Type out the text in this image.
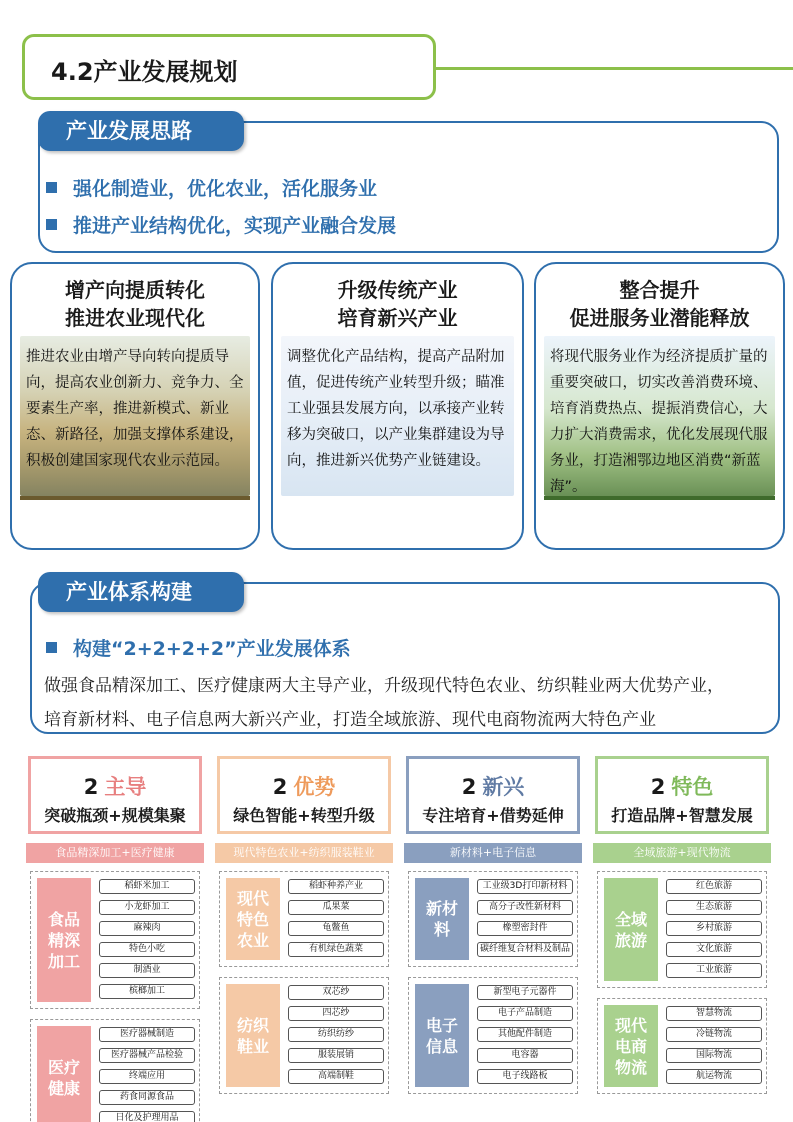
4.2产业发展规划
产业发展思路
强化制造业，优化农业，活化服务业
推进产业结构优化，实现产业融合发展
增产向提质转化
推进农业现代化
推进农业由增产导向转向提质导向，提高农业创新力、竞争力、全要素生产率，推进新模式、新业态、新路径，加强支撑体系建设，积极创建国家现代农业示范园。
升级传统产业
培育新兴产业
调整优化产品结构，提高产品附加值，促进传统产业转型升级；瞄准工业强县发展方向，以承接产业转移为突破口，以产业集群建设为导向，推进新兴优势产业链建设。
整合提升
促进服务业潜能释放
将现代服务业作为经济提质扩量的重要突破口，切实改善消费环境、培育消费热点、提振消费信心，大力扩大消费需求，优化发展现代服务业，打造湘鄂边地区消费“新蓝海”。
产业体系构建
构建“2+2+2+2”产业发展体系
做强食品精深加工、医疗健康两大主导产业，升级现代特色农业、纺织鞋业两大优势产业，
培育新材料、电子信息两大新兴产业，打造全域旅游、现代电商物流两大特色产业
2 主导
突破瓶颈+规模集聚
食品精深加工+医疗健康
食品
精深
加工
稻虾米加工
小龙虾加工
麻辣肉
特色小吃
制酒业
槟榔加工
医疗
健康
医疗器械制造
医疗器械产品检验
终端应用
药食同源食品
日化及护理用品
2 优势
绿色智能+转型升级
现代特色农业+纺织服装鞋业
现代
特色
农业
稻虾种养产业
瓜果菜
龟鳖鱼
有机绿色蔬菜
纺织
鞋业
双芯纱
四芯纱
纺织纺纱
服装展销
高端制鞋
2 新兴
专注培育+借势延伸
新材料+电子信息
新材
料
工业级3D打印新材料
高分子改性新材料
橡塑密封件
碳纤维复合材料及制品
电子
信息
新型电子元器件
电子产品制造
其他配件制造
电容器
电子线路板
2 特色
打造品牌+智慧发展
全域旅游+现代物流
全域
旅游
红色旅游
生态旅游
乡村旅游
文化旅游
工业旅游
现代
电商
物流
智慧物流
冷链物流
国际物流
航运物流
